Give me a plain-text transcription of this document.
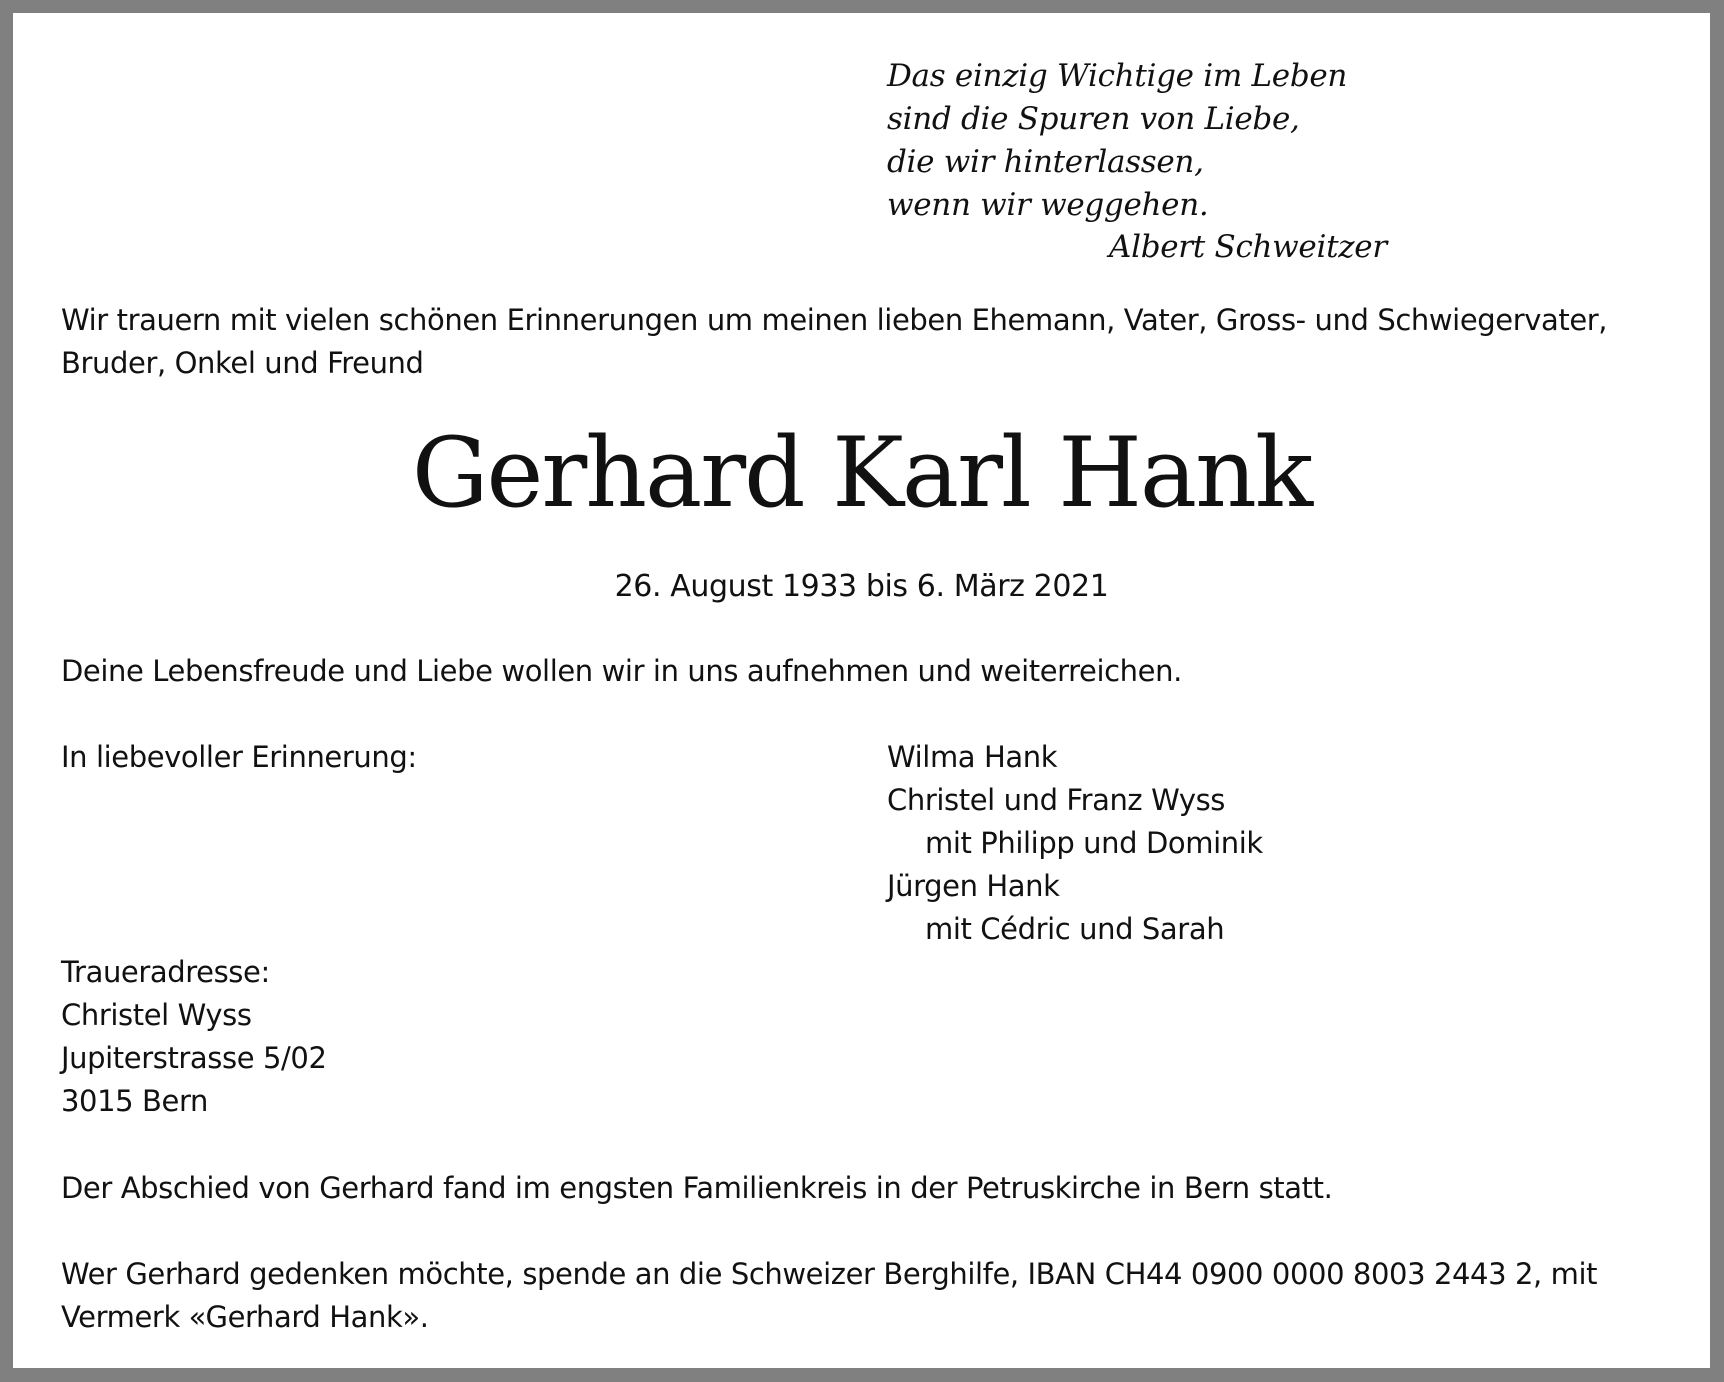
Das einzig Wichtige im Leben
sind die Spuren von Liebe,
die wir hinterlassen,
wenn wir weggehen.
Albert Schweitzer
Wir trauern mit vielen schönen Erinnerungen um meinen lieben Ehemann, Vater, Gross- und Schwiegervater,
Bruder, Onkel und Freund
Gerhard Karl Hank
26. August 1933 bis 6. März 2021
Deine Lebensfreude und Liebe wollen wir in uns aufnehmen und weiterreichen.
In liebevoller Erinnerung:	Wilma Hank
Christel und Franz Wyss
mit Philipp und Dominik
Jürgen Hank
mit Cédric und Sarah
Traueradresse:
Christel Wyss
Jupiterstrasse 5/02
3015 Bern
Der Abschied von Gerhard fand im engsten Familienkreis in der Petruskirche in Bern statt.
Wer Gerhard gedenken möchte, spende an die Schweizer Berghilfe, IBAN CH44 0900 0000 8003 2443 2, mit
Vermerk «Gerhard Hank».
